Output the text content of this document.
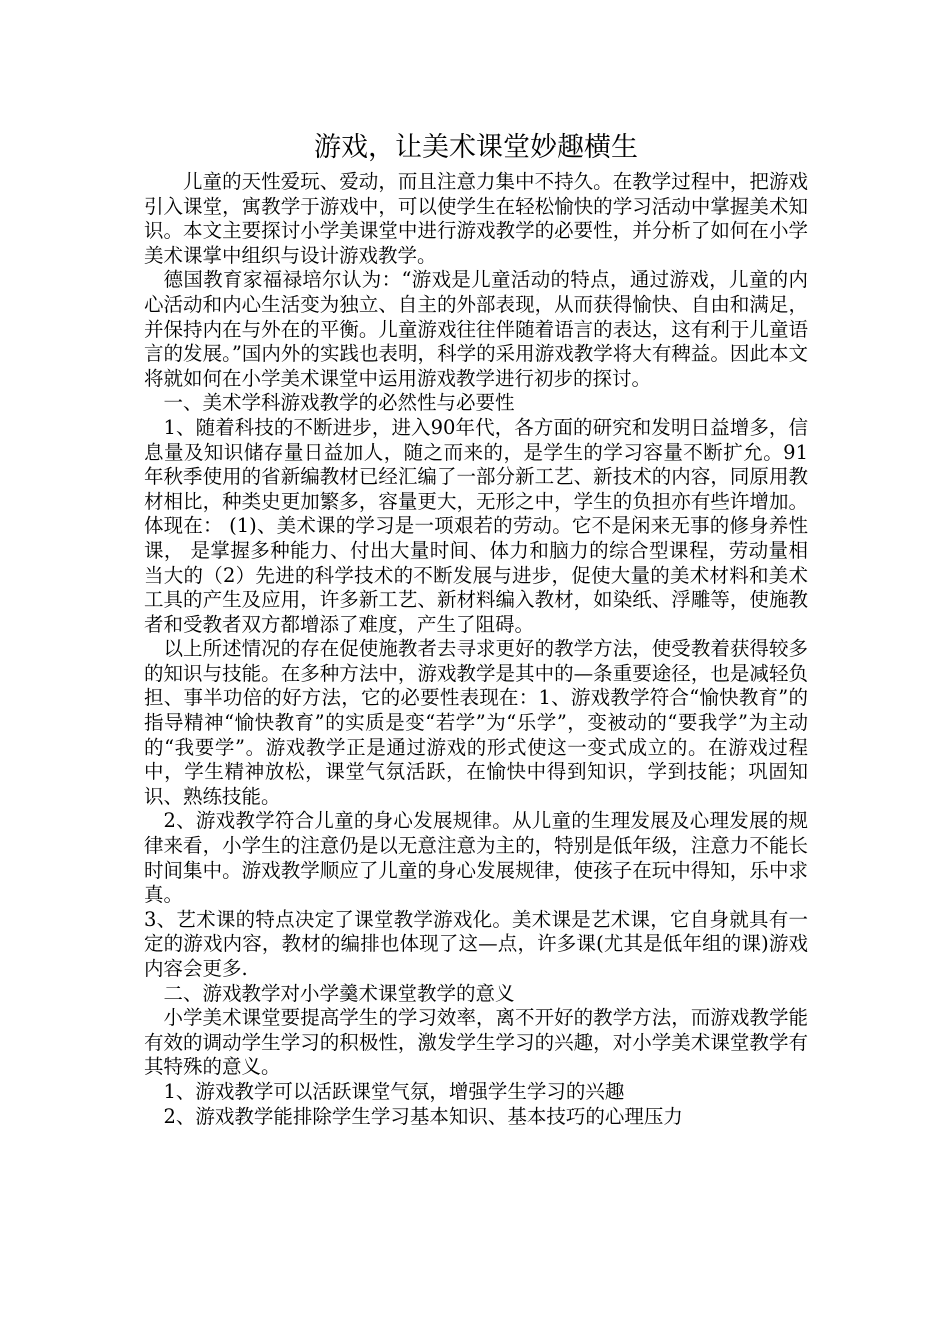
游戏，让美术课堂妙趣横生

儿童的天性爱玩、爱动，而且注意力集中不持久。在教学过程中，把游戏引入课堂，寓教学于游戏中，可以使学生在轻松愉快的学习活动中掌握美术知识。本文主要探讨小学美课堂中进行游戏教学的必要性，并分析了如何在小学美术课掌中组织与设计游戏教学。

德国教育家福禄培尔认为：“游戏是儿童活动的特点，通过游戏，儿童的内心活动和内心生活变为独立、自主的外部表现，从而获得愉快、自由和满足，并保持内在与外在的平衡。儿童游戏往往伴随着语言的表达，这有利于儿童语言的发展。”国内外的实践也表明，科学的采用游戏教学将大有稗益。因此本文将就如何在小学美术课堂中运用游戏教学进行初步的探讨。

一、美术学科游戏教学的必然性与必要性

1、随着科技的不断进步，进入90年代，各方面的研究和发明日益增多，信息量及知识储存量日益加人，随之而来的，是学生的学习容量不断扩允。91年秋季使用的省新编教材已经汇编了一部分新工艺、新技术的内容，同原用教材相比，种类史更加繁多，容量更大，无形之中，学生的负担亦有些许增加。体现在： (1)、美术课的学习是一项艰若的劳动。它不是闲来无事的修身养性课， 是掌握多种能力、付出大量时间、体力和脑力的综合型课程，劳动量相当大的（2）先进的科学技术的不断发展与进步，促使大量的美术材料和美术工具的产生及应用，许多新工艺、新材料编入教材，如染纸、浮雕等，使施教者和受教者双方都增添了难度，产生了阻碍。

以上所述情况的存在促使施教者去寻求更好的教学方法，使受教着获得较多的知识与技能。在多种方法中，游戏教学是其中的—条重要途径，也是减轻负担、事半功倍的好方法，它的必要性表现在：1、游戏教学符合“愉快教育”的指导精神“愉快教育”的实质是变“若学”为“乐学”，变被动的“要我学”为主动的“我要学”。游戏教学正是通过游戏的形式使这一变式成立的。在游戏过程中，学生精神放松，课堂气氛活跃，在愉快中得到知识，学到技能；巩固知识、熟练技能。

2、游戏教学符合儿童的身心发展规律。从儿童的生理发展及心理发展的规律来看，小学生的注意仍是以无意注意为主的，特别是低年级，注意力不能长时间集中。游戏教学顺应了儿童的身心发展规律，使孩子在玩中得知，乐中求真。

3、艺术课的特点决定了课堂教学游戏化。美术课是艺术课，它自身就具有一定的游戏内容，教材的编排也体现了这—点，许多课(尤其是低年组的课)游戏内容会更多.

二、游戏教学对小学羹术课堂教学的意义

小学美术课堂要提高学生的学习效率，离不开好的教学方法，而游戏教学能有效的调动学生学习的积极性，激发学生学习的兴趣，对小学美术课堂教学有其特殊的意义。

1、游戏教学可以活跃课堂气氛，增强学生学习的兴趣

2、游戏教学能排除学生学习基本知识、基本技巧的心理压力
